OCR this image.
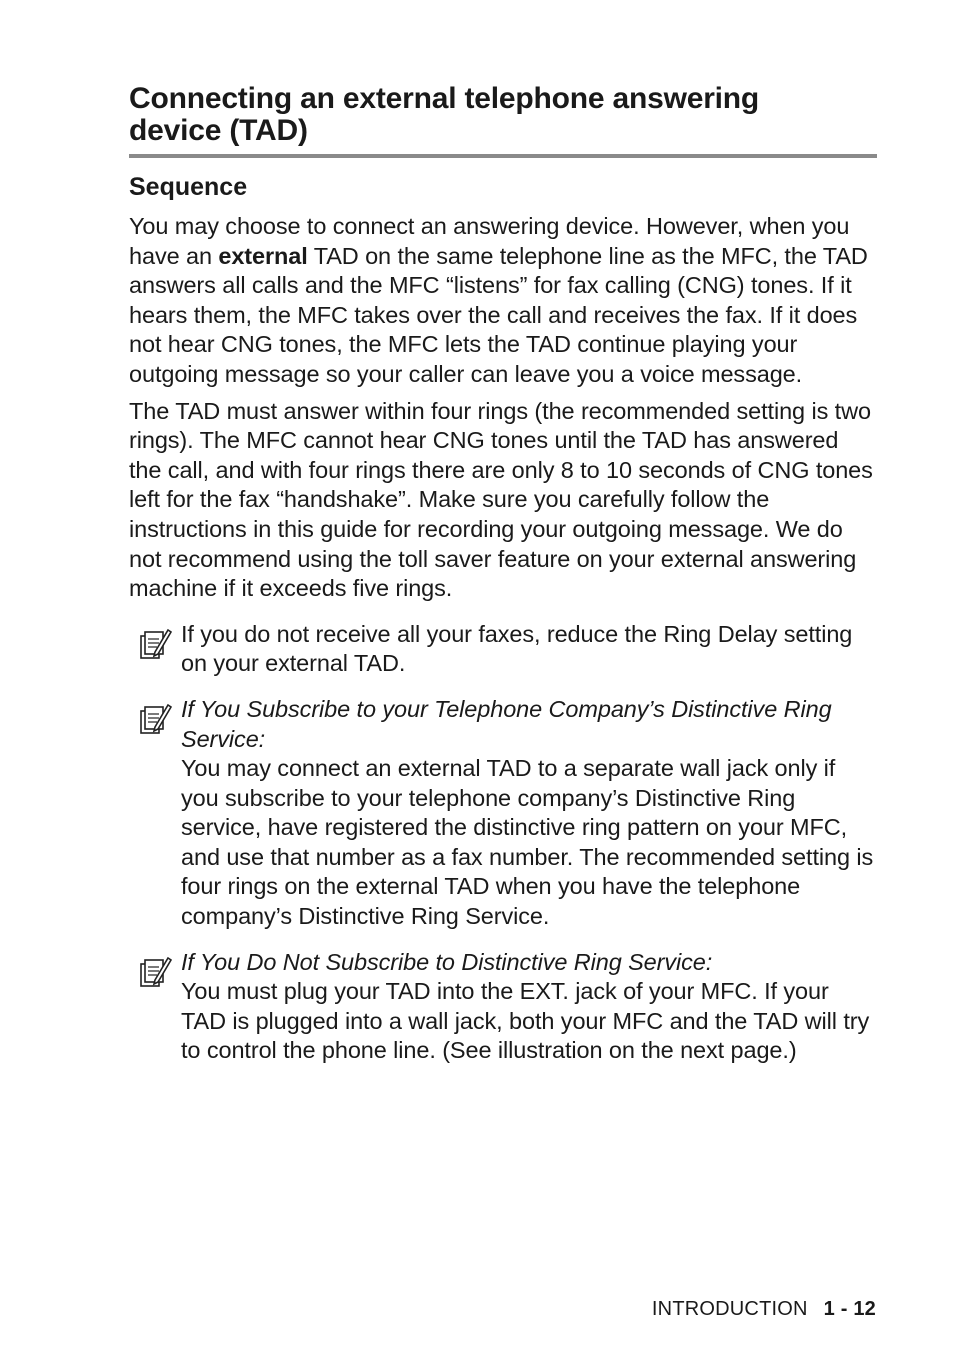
Connecting an external telephone answering
device (TAD)
Sequence

You may choose to connect an answering device. However, when you have an external TAD on the same telephone line as the MFC, the TAD answers all calls and the MFC “listens” for fax calling (CNG) tones. If it hears them, the MFC takes over the call and receives the fax. If it does not hear CNG tones, the MFC lets the TAD continue playing your outgoing message so your caller can leave you a voice message.

The TAD must answer within four rings (the recommended setting is two rings). The MFC cannot hear CNG tones until the TAD has answered the call, and with four rings there are only 8 to 10 seconds of CNG tones left for the fax “handshake”. Make sure you carefully follow the instructions in this guide for recording your outgoing message. We do not recommend using the toll saver feature on your external answering machine if it exceeds five rings.

If you do not receive all your faxes, reduce the Ring Delay setting on your external TAD.
If You Subscribe to your Telephone Company’s Distinctive Ring Service:
You may connect an external TAD to a separate wall jack only if you subscribe to your telephone company’s Distinctive Ring service, have registered the distinctive ring pattern on your MFC, and use that number as a fax number. The recommended setting is four rings on the external TAD when you have the telephone company’s Distinctive Ring Service.
If You Do Not Subscribe to Distinctive Ring Service:
You must plug your TAD into the EXT. jack of your MFC. If your TAD is plugged into a wall jack, both your MFC and the TAD will try to control the phone line. (See illustration on the next page.)
INTRODUCTION 1 - 12
